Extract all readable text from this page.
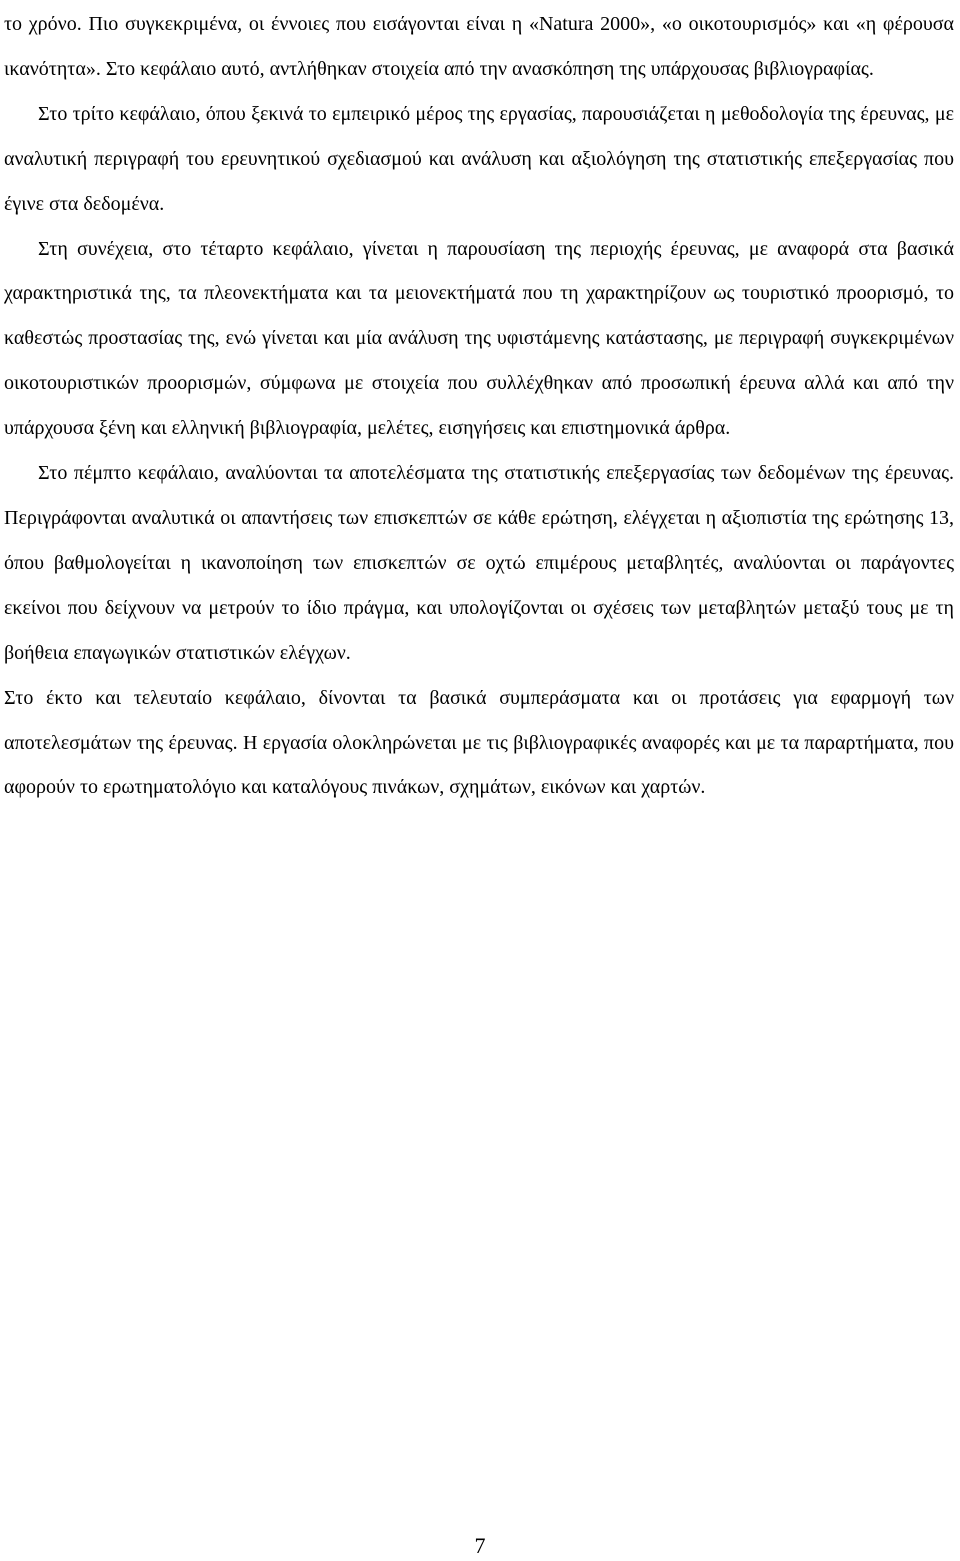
το χρόνο. Πιο συγκεκριμένα, οι έννοιες που εισάγονται είναι η «Natura 2000», «ο οικοτουρισμός» και «η φέρουσα ικανότητα». Στο κεφάλαιο αυτό, αντλήθηκαν στοιχεία από την ανασκόπηση της υπάρχουσας βιβλιογραφίας.

Στο τρίτο κεφάλαιο, όπου ξεκινά το εμπειρικό μέρος της εργασίας, παρουσιάζεται η μεθοδολογία της έρευνας, με αναλυτική περιγραφή του ερευνητικού σχεδιασμού και ανάλυση και αξιολόγηση της στατιστικής επεξεργασίας που έγινε στα δεδομένα.

Στη συνέχεια, στο τέταρτο κεφάλαιο, γίνεται η παρουσίαση της περιοχής έρευνας, με αναφορά στα βασικά χαρακτηριστικά της, τα πλεονεκτήματα και τα μειονεκτήματά που τη χαρακτηρίζουν ως τουριστικό προορισμό, το καθεστώς προστασίας της, ενώ γίνεται και μία ανάλυση της υφιστάμενης κατάστασης, με περιγραφή συγκεκριμένων οικοτουριστικών προορισμών, σύμφωνα με στοιχεία που συλλέχθηκαν από προσωπική έρευνα αλλά και από την υπάρχουσα ξένη και ελληνική βιβλιογραφία, μελέτες, εισηγήσεις και επιστημονικά άρθρα.

Στο πέμπτο κεφάλαιο, αναλύονται τα αποτελέσματα της στατιστικής επεξεργασίας των δεδομένων της έρευνας. Περιγράφονται αναλυτικά οι απαντήσεις των επισκεπτών σε κάθε ερώτηση, ελέγχεται η αξιοπιστία της ερώτησης 13, όπου βαθμολογείται η ικανοποίηση των επισκεπτών σε οχτώ επιμέρους μεταβλητές, αναλύονται οι παράγοντες εκείνοι που δείχνουν να μετρούν το ίδιο πράγμα, και υπολογίζονται οι σχέσεις των μεταβλητών μεταξύ τους με τη βοήθεια επαγωγικών στατιστικών ελέγχων.

Στο έκτο και τελευταίο κεφάλαιο, δίνονται τα βασικά συμπεράσματα και οι προτάσεις για εφαρμογή των αποτελεσμάτων της έρευνας. Η εργασία ολοκληρώνεται με τις βιβλιογραφικές αναφορές και με τα παραρτήματα, που αφορούν το ερωτηματολόγιο και καταλόγους πινάκων, σχημάτων, εικόνων και χαρτών.

7
